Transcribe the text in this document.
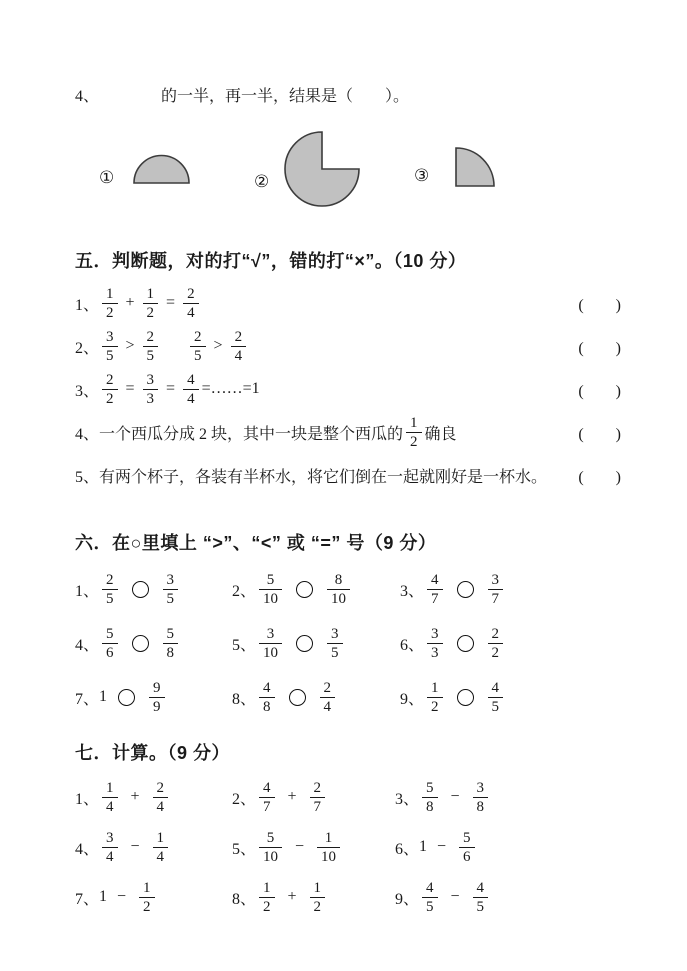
4、	的一半，再一半，结果是（　　）。
①	②	③
五．判断题，对的打“√”，错的打“×”。（10 分）
1、 $\frac{1}{2} + \frac{1}{2} = \frac{2}{4}$	(　　)
2、 $\frac{3}{5} > \frac{2}{5} \frac{2}{5} > \frac{2}{4}$	(　　)
3、 $\frac{2}{2} = \frac{3}{3} = \frac{4}{4}$ =……=1	(　　)
4、一个西瓜分成 2 块，其中一块是整个西瓜的 $\frac{1}{2}$ 确良	(　　)
5、有两个杯子，各装有半杯水，将它们倒在一起就刚好是一杯水。 (　　)
六．在○里填上 “>”、“<” 或 “=” 号（9 分）
1、 $\frac{2}{5}$	$\frac{3}{5}$	2、 $\frac{5}{10}$	$\frac{8}{10}$	3、 $\frac{4}{7}$	$\frac{3}{7}$
4、 $\frac{5}{6}$	$\frac{5}{8}$	5、 $\frac{3}{10}$	$\frac{3}{5}$	6、 $\frac{3}{3}$	$\frac{2}{2}$
7、 1	$\frac{9}{9}$	8、 $\frac{4}{8}$	$\frac{2}{4}$	9、 $\frac{1}{2}$	$\frac{4}{5}$
七．计算。（9 分）
1、 $\frac{1}{4} + \frac{2}{4}$	2、 $\frac{4}{7} + \frac{2}{7}$	3、 $\frac{5}{8} - \frac{3}{8}$
4、 $\frac{3}{4} - \frac{1}{4}$	5、 $\frac{5}{10} - \frac{1}{10}$	6、 $1 - \frac{5}{6}$
7、 $1 - \frac{1}{2}$	8、 $\frac{1}{2} + \frac{1}{2}$	9、 $\frac{4}{5} - \frac{4}{5}$
